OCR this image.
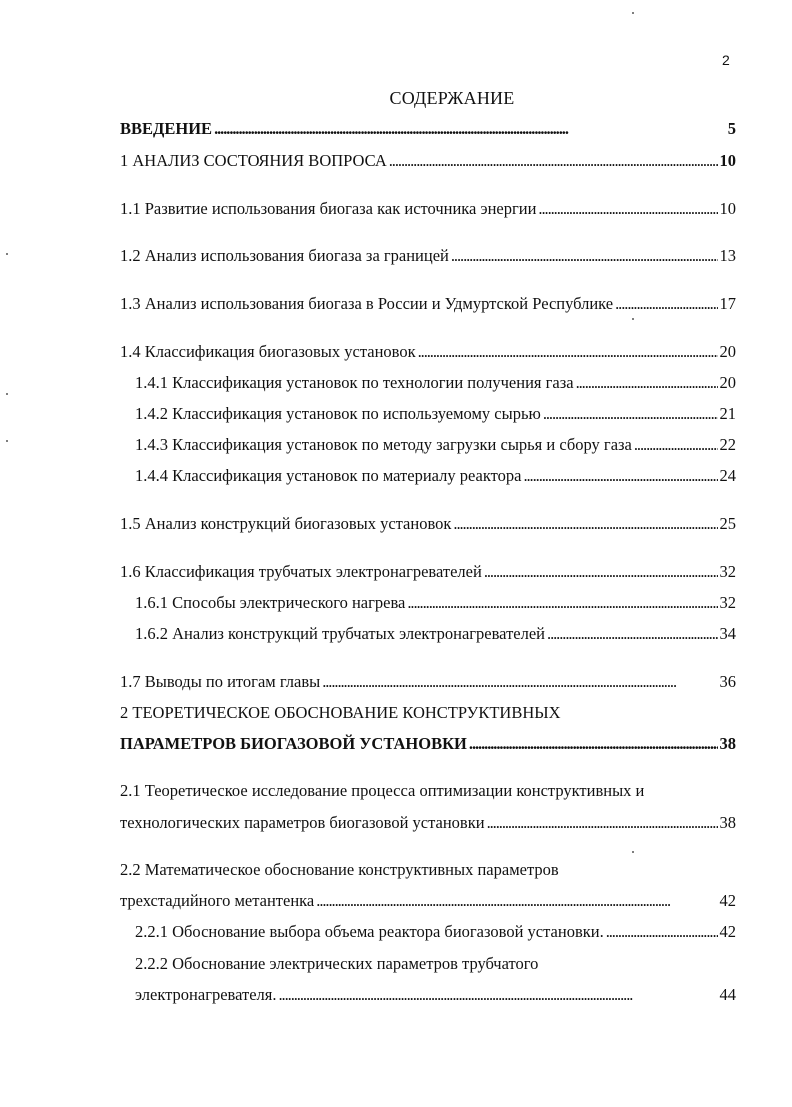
2
СОДЕРЖАНИЕ
ВВЕДЕНИЕ . . .	5
1 АНАЛИЗ СОСТОЯНИЯ ВОПРОСА . . .	10
1.1 Развитие использования биогаза как источника энергии . . .	10
1.2 Анализ использования биогаза за границей . . .	13
1.3 Анализ использования биогаза в России и Удмуртской Республике . . .	17
1.4 Классификация биогазовых установок . . .	20
1.4.1 Классификация установок по технологии получения газа . . .	20
1.4.2 Классификация установок по используемому сырью . . .	21
1.4.3 Классификация установок по методу загрузки сырья и сбору газа . . .	22
1.4.4 Классификация установок по материалу реактора . . .	24
1.5 Анализ конструкций биогазовых установок . . .	25
1.6 Классификация трубчатых электронагревателей . . .	32
1.6.1 Способы электрического нагрева . . .	32
1.6.2 Анализ конструкций трубчатых электронагревателей . . .	34
1.7 Выводы по итогам главы . . .	36
2 ТЕОРЕТИЧЕСКОЕ ОБОСНОВАНИЕ КОНСТРУКТИВНЫХ
ПАРАМЕТРОВ БИОГАЗОВОЙ УСТАНОВКИ . . .	38
2.1 Теоретическое исследование процесса оптимизации конструктивных и
технологических параметров биогазовой установки . . .	38
2.2 Математическое обоснование конструктивных параметров
трехстадийного метантенка . . .	42
2.2.1 Обоснование выбора объема реактора биогазовой установки. . . .	42
2.2.2 Обоснование электрических параметров трубчатого
электронагревателя. . . .	44
